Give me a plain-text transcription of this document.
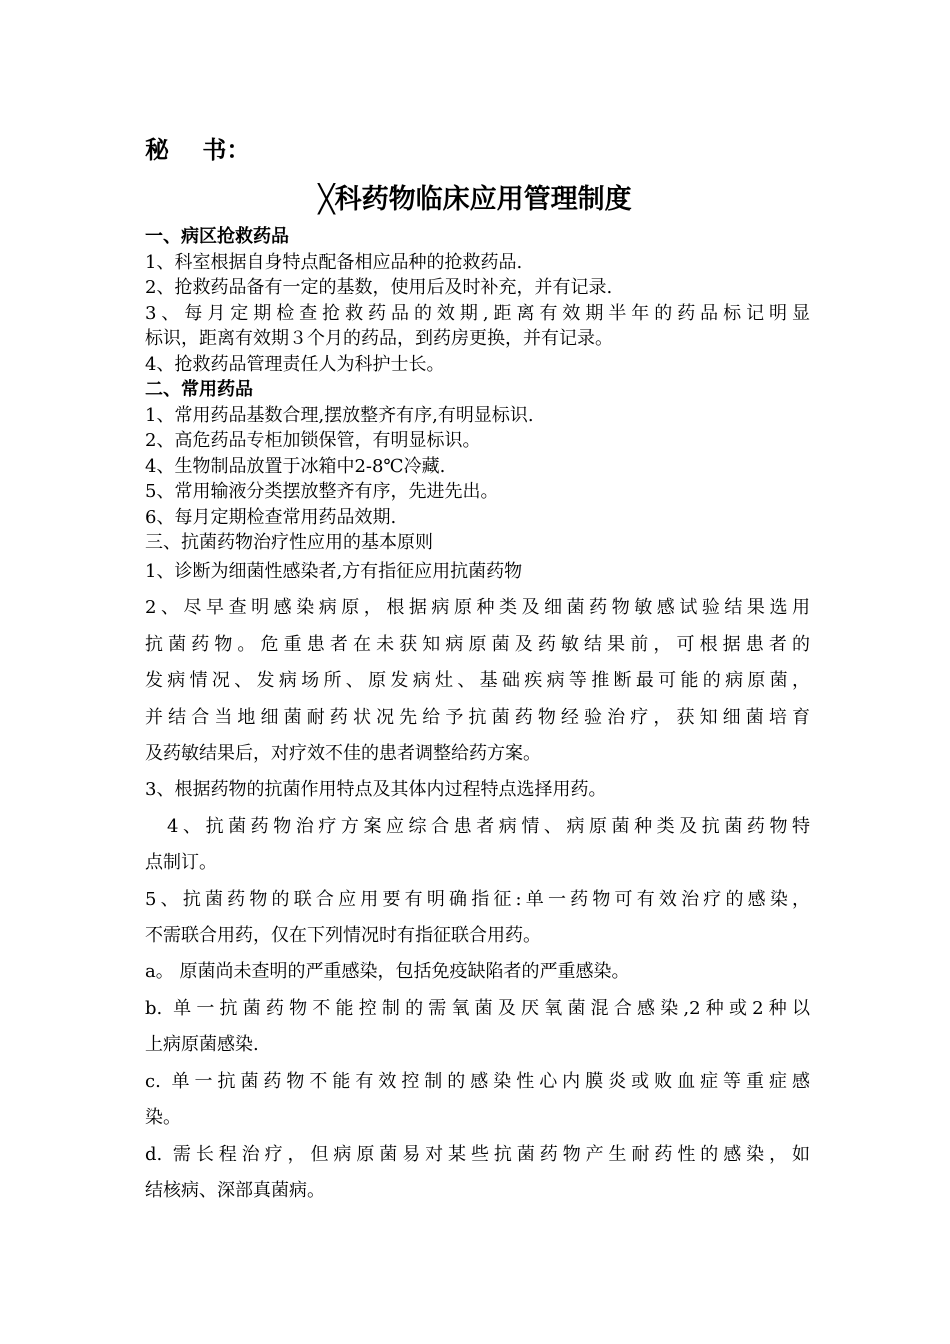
秘    书：
╳科药物临床应用管理制度
一、病区抢救药品
1、科室根据自身特点配备相应品种的抢救药品.
2、抢救药品备有一定的基数，使用后及时补充，并有记录.
3、每月定期检查抢救药品的效期,距离有效期半年的药品标记明显
标识，距离有效期３个月的药品，到药房更换，并有记录。
4、抢救药品管理责任人为科护士长。
二、常用药品
1、常用药品基数合理,摆放整齐有序,有明显标识.
2、高危药品专柜加锁保管，有明显标识。
4、生物制品放置于冰箱中2-8℃冷藏.
5、常用输液分类摆放整齐有序，先进先出。
6、每月定期检查常用药品效期.
三、抗菌药物治疗性应用的基本原则
1、诊断为细菌性感染者,方有指征应用抗菌药物
2、尽早查明感染病原，根据病原种类及细菌药物敏感试验结果选用
抗菌药物。危重患者在未获知病原菌及药敏结果前，可根据患者的
发病情况、发病场所、原发病灶、基础疾病等推断最可能的病原菌，
并结合当地细菌耐药状况先给予抗菌药物经验治疗，获知细菌培育
及药敏结果后，对疗效不佳的患者调整给药方案。
3、根据药物的抗菌作用特点及其体内过程特点选择用药。
4、抗菌药物治疗方案应综合患者病情、病原菌种类及抗菌药物特
点制订。
5、抗菌药物的联合应用要有明确指征:单一药物可有效治疗的感染，
不需联合用药，仅在下列情况时有指征联合用药。
a。 原菌尚未查明的严重感染，包括免疫缺陷者的严重感染。
b. 单一抗菌药物不能控制的需氧菌及厌氧菌混合感染,2种或2种以
上病原菌感染.
c. 单一抗菌药物不能有效控制的感染性心内膜炎或败血症等重症感
染。
d. 需长程治疗，但病原菌易对某些抗菌药物产生耐药性的感染，如
结核病、深部真菌病。
